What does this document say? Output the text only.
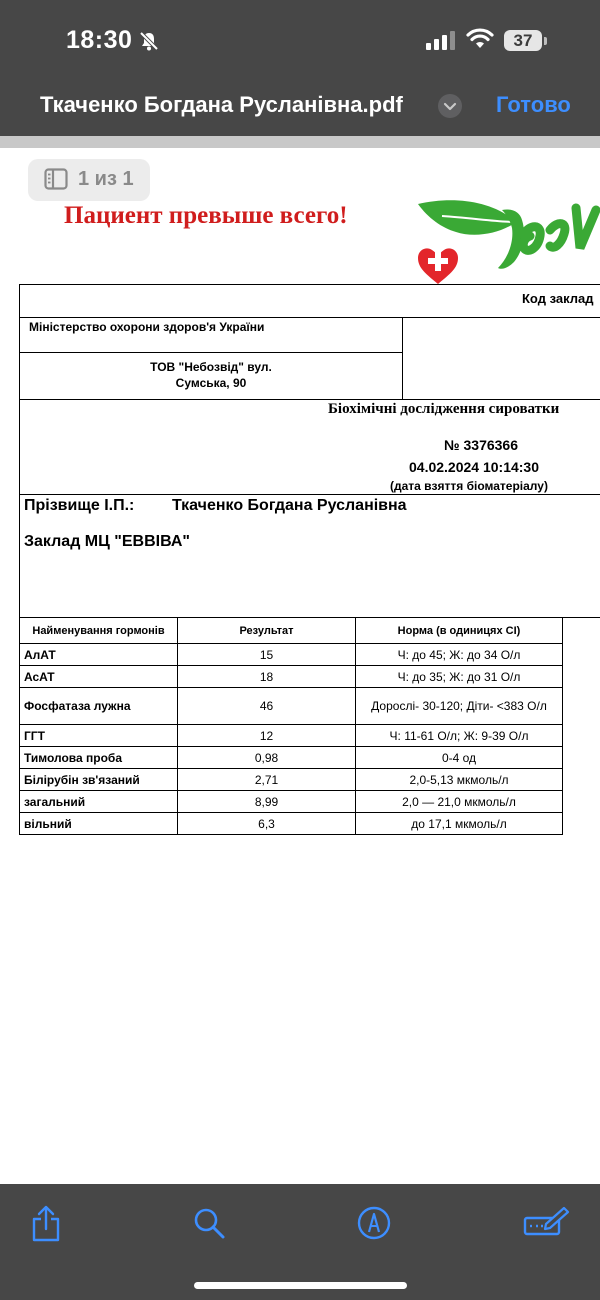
18:30	37
Ткаченко Богдана Русланівна.pdf	Готово
1 из 1
Пациент превыше всего!
Код заклад
Міністерство охорони здоров'я України
ТОВ "Небозвід" вул.
Сумська, 90
Біохімічні дослідження сироватки
№ 3376366
04.02.2024 10:14:30
(дата взяття біоматеріалу)
Прізвище І.П.: Ткаченко Богдана Русланівна
Заклад МЦ "ЕВВІВА"
Найменування гормонів	Результат	Норма (в одиницях СІ)
АлАТ	15	Ч: до 45; Ж: до 34 О/л
АсАТ	18	Ч: до 35; Ж: до 31 О/л
Фосфатаза лужна	46	Дорослі- 30-120; Діти- <383 О/л
ГГТ	12	Ч: 11-61 О/л; Ж: 9-39 О/л
Тимолова проба	0,98	0-4 од
Білірубін зв'язаний	2,71	2,0-5,13 мкмоль/л
загальний	8,99	2,0 — 21,0 мкмоль/л
вільний	6,3	до 17,1 мкмоль/л
